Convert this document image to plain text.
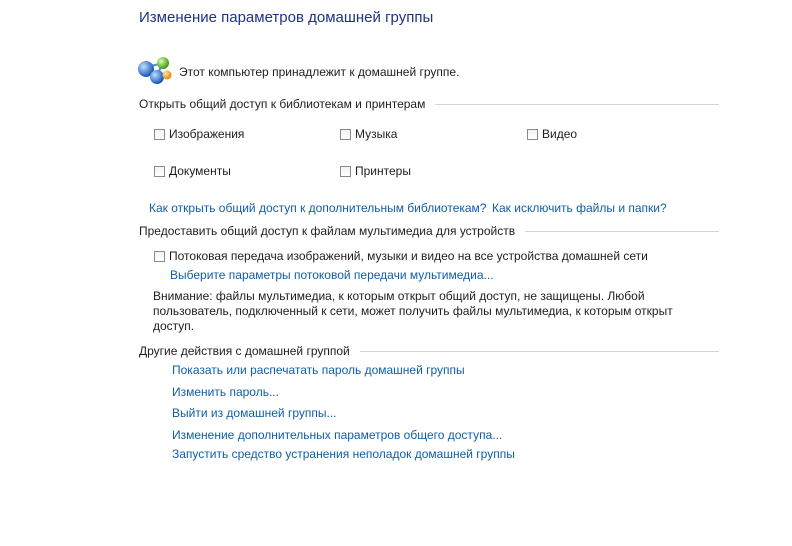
Изменение параметров домашней группы
Этот компьютер принадлежит к домашней группе.
Открыть общий доступ к библиотекам и принтерам
Изображения	Музыка	Видео
Документы	Принтеры
Как открыть общий доступ к дополнительным библиотекам? Как исключить файлы и папки?
Предоставить общий доступ к файлам мультимедиа для устройств
Потоковая передача изображений, музыки и видео на все устройства домашней сети
Выберите параметры потоковой передачи мультимедиа...
Внимание: файлы мультимедиа, к которым открыт общий доступ, не защищены. Любой пользователь, подключенный к сети, может получить файлы мультимедиа, к которым открыт доступ.
Другие действия с домашней группой
Показать или распечатать пароль домашней группы
Изменить пароль...
Выйти из домашней группы...
Изменение дополнительных параметров общего доступа...
Запустить средство устранения неполадок домашней группы
